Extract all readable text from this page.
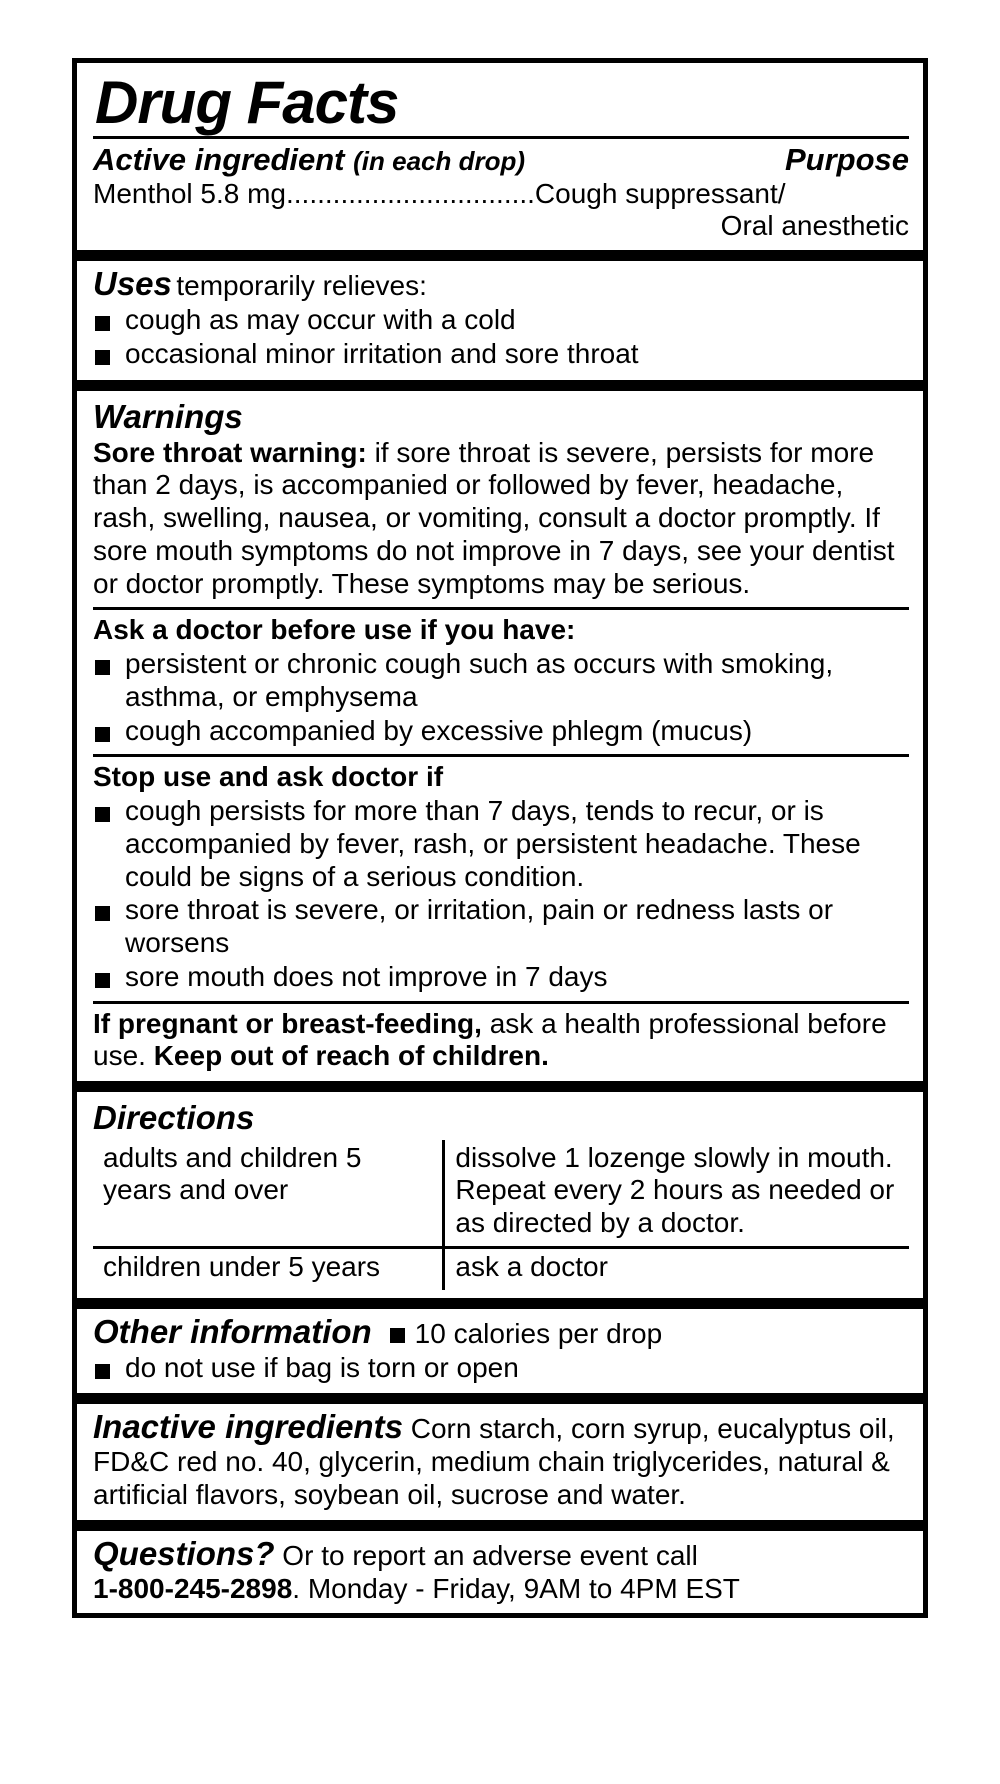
Drug Facts
Active ingredient (in each drop)	Purpose
Menthol 5.8 mg................................Cough suppressant/
Oral anesthetic
Uses temporarily relieves:
cough as may occur with a cold
occasional minor irritation and sore throat
Warnings
Sore throat warning: if sore throat is severe, persists for more than 2 days, is accompanied or followed by fever, headache, rash, swelling, nausea, or vomiting, consult a doctor promptly. If sore mouth symptoms do not improve in 7 days, see your dentist or doctor promptly. These symptoms may be serious.
Ask a doctor before use if you have:
persistent or chronic cough such as occurs with smoking, asthma, or emphysema
cough accompanied by excessive phlegm (mucus)
Stop use and ask doctor if
cough persists for more than 7 days, tends to recur, or is accompanied by fever, rash, or persistent headache. These could be signs of a serious condition.
sore throat is severe, or irritation, pain or redness lasts or worsens
sore mouth does not improve in 7 days
If pregnant or breast-feeding, ask a health professional before use. Keep out of reach of children.
Directions
adults and children 5 years and over	dissolve 1 lozenge slowly in mouth. Repeat every 2 hours as needed or as directed by a doctor.
children under 5 years	ask a doctor
Other information 10 calories per drop
do not use if bag is torn or open
Inactive ingredients Corn starch, corn syrup, eucalyptus oil, FD&C red no. 40, glycerin, medium chain triglycerides, natural & artificial flavors, soybean oil, sucrose and water.
Questions? Or to report an adverse event call
1-800-245-2898. Monday - Friday, 9AM to 4PM EST
